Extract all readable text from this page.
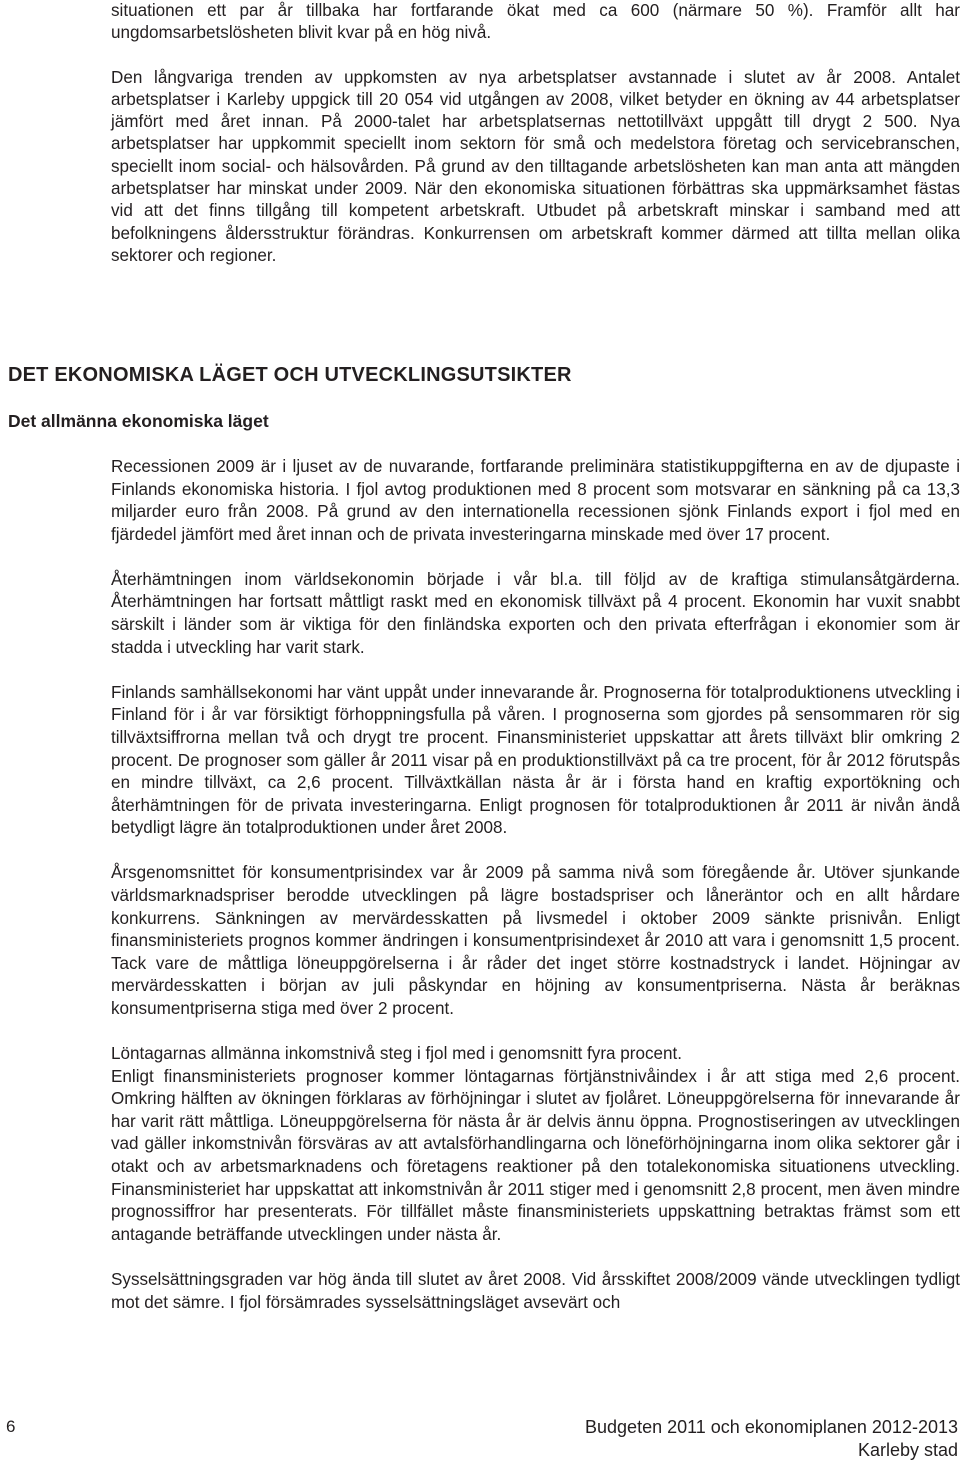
situationen ett par år tillbaka har fortfarande ökat med ca 600 (närmare 50 %). Framför allt har ungdomsarbetslösheten blivit kvar på en hög nivå.

Den långvariga trenden av uppkomsten av nya arbetsplatser avstannade i slutet av år 2008. Antalet arbetsplatser i Karleby uppgick till 20 054 vid utgången av 2008, vilket betyder en ökning av 44 arbetsplatser jämfört med året innan. På 2000-talet har arbetsplatsernas nettotillväxt uppgått till drygt 2 500. Nya arbetsplatser har uppkommit speciellt inom sektorn för små och medelstora företag och servicebranschen, speciellt inom social- och hälsovården. På grund av den tilltagande arbetslösheten kan man anta att mängden arbetsplatser har minskat under 2009. När den ekonomiska situationen förbättras ska uppmärksamhet fästas vid att det finns tillgång till kompetent arbetskraft. Utbudet på arbetskraft minskar i samband med att befolkningens åldersstruktur förändras. Konkurrensen om arbetskraft kommer därmed att tillta mellan olika sektorer och regioner.

DET EKONOMISKA LÄGET OCH UTVECKLINGSUTSIKTER
Det allmänna ekonomiska läget

Recessionen 2009 är i ljuset av de nuvarande, fortfarande preliminära statistikuppgifterna en av de djupaste i Finlands ekonomiska historia. I fjol avtog produktionen med 8 procent som motsvarar en sänkning på ca 13,3 miljarder euro från 2008. På grund av den internationella recessionen sjönk Finlands export i fjol med en fjärdedel jämfört med året innan och de privata investeringarna minskade med över 17 procent.

Återhämtningen inom världsekonomin började i vår bl.a. till följd av de kraftiga stimulansåtgärderna. Återhämtningen har fortsatt måttligt raskt med en ekonomisk tillväxt på 4 procent. Ekonomin har vuxit snabbt särskilt i länder som är viktiga för den finländska exporten och den privata efterfrågan i ekonomier som är stadda i utveckling har varit stark.

Finlands samhällsekonomi har vänt uppåt under innevarande år. Prognoserna för totalproduktionens utveckling i Finland för i år var försiktigt förhoppningsfulla på våren. I prognoserna som gjordes på sensommaren rör sig tillväxtsiffrorna mellan två och drygt tre procent. Finansministeriet uppskattar att årets tillväxt blir omkring 2 procent. De prognoser som gäller år 2011 visar på en produktionstillväxt på ca tre procent, för år 2012 förutspås en mindre tillväxt, ca 2,6 procent. Tillväxtkällan nästa år är i första hand en kraftig exportökning och återhämtningen för de privata investeringarna. Enligt prognosen för totalproduktionen år 2011 är nivån ändå betydligt lägre än totalproduktionen under året 2008.

Årsgenomsnittet för konsumentprisindex var år 2009 på samma nivå som föregående år. Utöver sjunkande världsmarknadspriser berodde utvecklingen på lägre bostadspriser och låneräntor och en allt hårdare konkurrens. Sänkningen av mervärdesskatten på livsmedel i oktober 2009 sänkte prisnivån. Enligt finansministeriets prognos kommer ändringen i konsumentprisindexet år 2010 att vara i genomsnitt 1,5 procent. Tack vare de måttliga löneuppgörelserna i år råder det inget större kostnadstryck i landet. Höjningar av mervärdesskatten i början av juli påskyndar en höjning av konsumentpriserna. Nästa år beräknas konsumentpriserna stiga med över 2 procent.

Löntagarnas allmänna inkomstnivå steg i fjol med i genomsnitt fyra procent.

Enligt finansministeriets prognoser kommer löntagarnas förtjänstnivåindex i år att stiga med 2,6 procent. Omkring hälften av ökningen förklaras av förhöjningar i slutet av fjolåret. Löneuppgörelserna för innevarande år har varit rätt måttliga. Löneuppgörelserna för nästa år är delvis ännu öppna. Prognostiseringen av utvecklingen vad gäller inkomstnivån försväras av att avtalsförhandlingarna och löneförhöjningarna inom olika sektorer går i otakt och av arbetsmarknadens och företagens reaktioner på den totalekonomiska situationens utveckling. Finansministeriet har uppskattat att inkomstnivån år 2011 stiger med i genomsnitt 2,8 procent, men även mindre prognossiffror har presenterats. För tillfället måste finansministeriets uppskattning betraktas främst som ett antagande beträffande utvecklingen under nästa år.

Sysselsättningsgraden var hög ända till slutet av året 2008. Vid årsskiftet 2008/2009 vände utvecklingen tydligt mot det sämre. I fjol försämrades sysselsättningsläget avsevärt och

6	Budgeten 2011 och ekonomiplanen 2012-2013
Karleby stad
